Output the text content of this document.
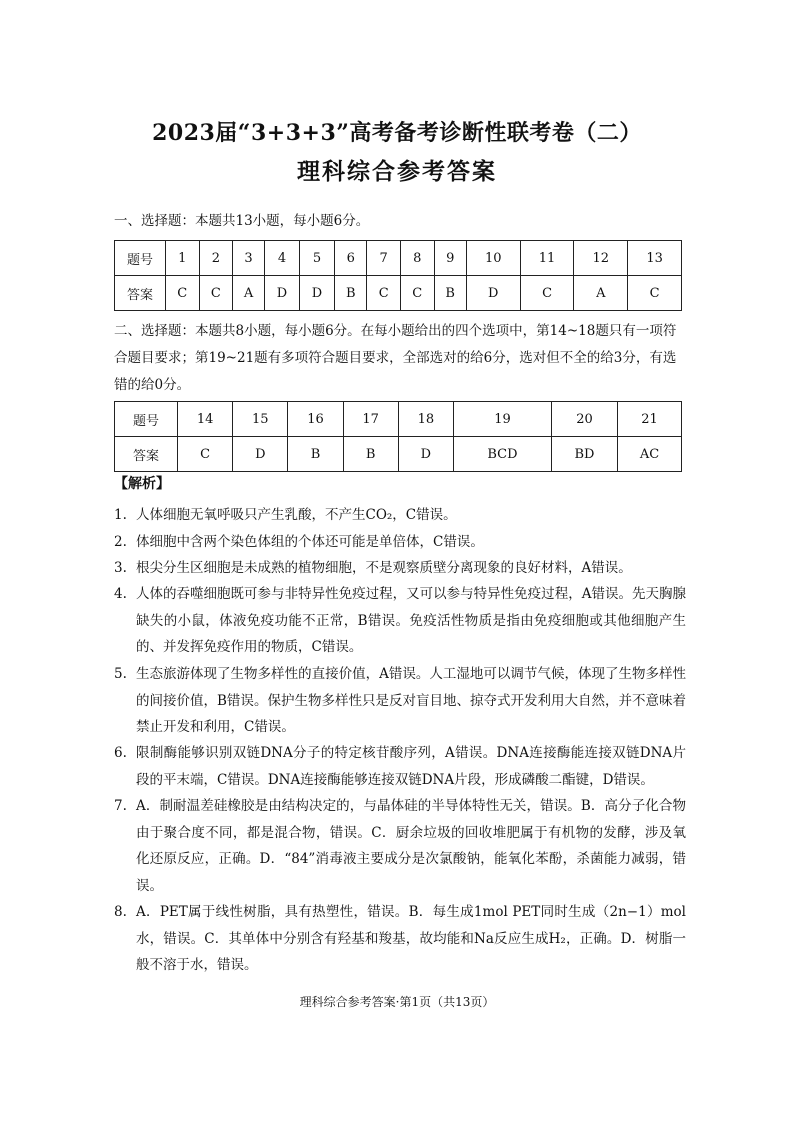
2023届“3+3+3”高考备考诊断性联考卷（二）
理科综合参考答案
一、选择题：本题共13小题，每小题6分。
题号	1	2	3	4	5	6	7	8	9	10	11	12	13
答案	C	C	A	D	D	B	C	C	B	D	C	A	C
二、选择题：本题共8小题，每小题6分。在每小题给出的四个选项中，第14~18题只有一项符合题目要求；第19~21题有多项符合题目要求，全部选对的给6分，选对但不全的给3分，有选错的给0分。
题号	14	15	16	17	18	19	20	21
答案	C	D	B	B	D	BCD	BD	AC
【解析】
1. 人体细胞无氧呼吸只产生乳酸，不产生CO₂，C错误。
2. 体细胞中含两个染色体组的个体还可能是单倍体，C错误。
3. 根尖分生区细胞是未成熟的植物细胞，不是观察质壁分离现象的良好材料，A错误。
4. 人体的吞噬细胞既可参与非特异性免疫过程，又可以参与特异性免疫过程，A错误。先天胸腺缺失的小鼠，体液免疫功能不正常，B错误。免疫活性物质是指由免疫细胞或其他细胞产生的、并发挥免疫作用的物质，C错误。
5. 生态旅游体现了生物多样性的直接价值，A错误。人工湿地可以调节气候，体现了生物多样性的间接价值，B错误。保护生物多样性只是反对盲目地、掠夺式开发利用大自然，并不意味着禁止开发和利用，C错误。
6. 限制酶能够识别双链DNA分子的特定核苷酸序列，A错误。DNA连接酶能连接双链DNA片段的平末端，C错误。DNA连接酶能够连接双链DNA片段，形成磷酸二酯键，D错误。
7. A．制耐温差硅橡胶是由结构决定的，与晶体硅的半导体特性无关，错误。B．高分子化合物由于聚合度不同，都是混合物，错误。C．厨余垃圾的回收堆肥属于有机物的发酵，涉及氧化还原反应，正确。D．“84”消毒液主要成分是次氯酸钠，能氧化苯酚，杀菌能力减弱，错误。
8. A．PET属于线性树脂，具有热塑性，错误。B．每生成1mol PET同时生成（2n−1）mol水，错误。C．其单体中分别含有羟基和羧基，故均能和Na反应生成H₂，正确。D．树脂一般不溶于水，错误。
理科综合参考答案·第1页（共13页）
